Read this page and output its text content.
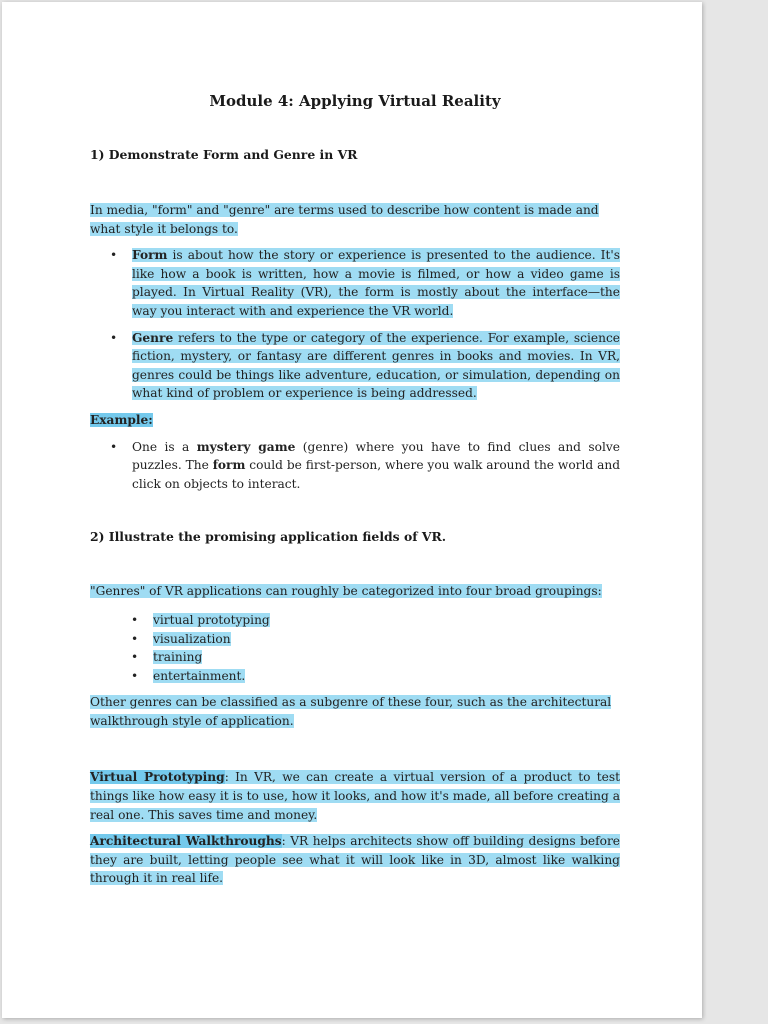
Module 4: Applying Virtual Reality
1) Demonstrate Form and Genre in VR

In media, "form" and "genre" are terms used to describe how content is made and what style it belongs to.

• Form is about how the story or experience is presented to the audience. It's like how a book is written, how a movie is filmed, or how a video game is played. In Virtual Reality (VR), the form is mostly about the interface—the way you interact with and experience the VR world.
• Genre refers to the type or category of the experience. For example, science fiction, mystery, or fantasy are different genres in books and movies. In VR, genres could be things like adventure, education, or simulation, depending on what kind of problem or experience is being addressed.

Example:

• One is a mystery game (genre) where you have to find clues and solve puzzles. The form could be first-person, where you walk around the world and click on objects to interact.
2) Illustrate the promising application fields of VR.

"Genres" of VR applications can roughly be categorized into four broad groupings:

• virtual prototyping
• visualization
• training
• entertainment.

Other genres can be classified as a subgenre of these four, such as the architectural walkthrough style of application.

Virtual Prototyping: In VR, we can create a virtual version of a product to test things like how easy it is to use, how it looks, and how it's made, all before creating a real one. This saves time and money.

Architectural Walkthroughs: VR helps architects show off building designs before they are built, letting people see what it will look like in 3D, almost like walking through it in real life.
